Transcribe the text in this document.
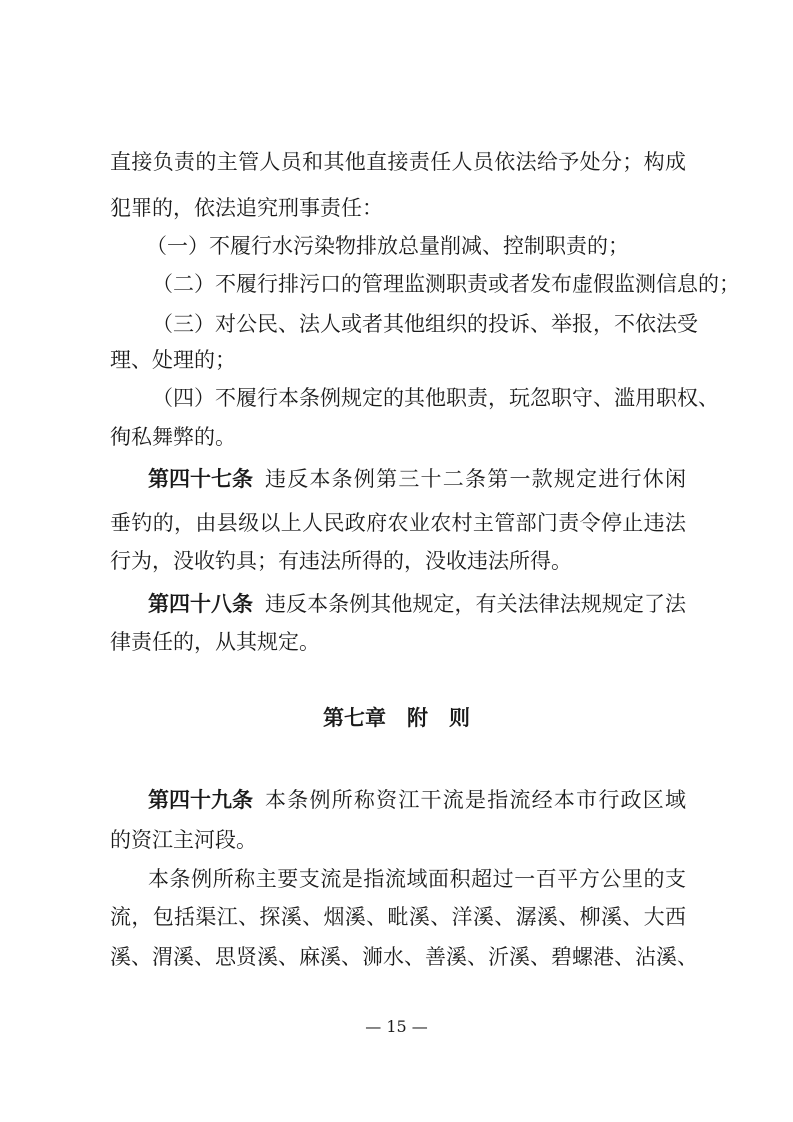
直接负责的主管人员和其他直接责任人员依法给予处分；构成
犯罪的，依法追究刑事责任：
（一）不履行水污染物排放总量削减、控制职责的；
（二）不履行排污口的管理监测职责或者发布虚假监测信息的；
（三）对公民、法人或者其他组织的投诉、举报，不依法受
理、处理的；
（四）不履行本条例规定的其他职责，玩忽职守、滥用职权、
徇私舞弊的。
第四十七条 违反本条例第三十二条第一款规定进行休闲
垂钓的，由县级以上人民政府农业农村主管部门责令停止违法
行为，没收钓具；有违法所得的，没收违法所得。
第四十八条 违反本条例其他规定，有关法律法规规定了法
律责任的，从其规定。
第七章　附　则
第四十九条 本条例所称资江干流是指流经本市行政区域
的资江主河段。
本条例所称主要支流是指流域面积超过一百平方公里的支
流，包括渠江、探溪、烟溪、毗溪、洋溪、潺溪、柳溪、大西
溪、渭溪、思贤溪、麻溪、浉水、善溪、沂溪、碧螺港、沾溪、
— 15 —
